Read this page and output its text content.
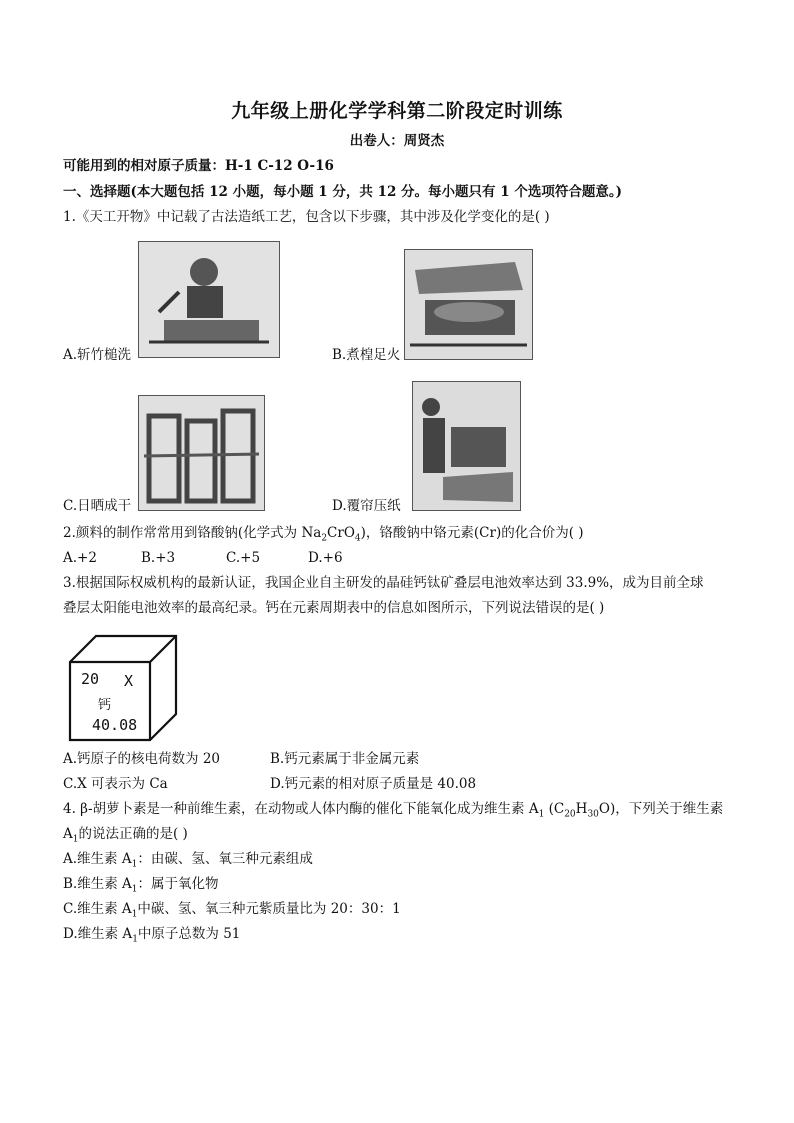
九年级上册化学学科第二阶段定时训练
出卷人：周贤杰
可能用到的相对原子质量：H-1 C-12 O-16
一、选择题(本大题包括 12 小题，每小题 1 分，共 12 分。每小题只有 1 个选项符合题意。)
1.《天工开物》中记载了古法造纸工艺，包含以下步骤，其中涉及化学变化的是( )
A.斩竹槌洗	B.煮楻足火
C.日晒成干	D.覆帘压纸
2.颜料的制作常常用到铬酸钠(化学式为 $Na_2CrO_4$)，铬酸钠中铬元素(Cr)的化合价为( )
A.+2	B.+3	C.+5	D.+6
3.根据国际权威机构的最新认证，我国企业自主研发的晶硅钙钛矿叠层电池效率达到 33.9%，成为目前全球
叠层太阳能电池效率的最高纪录。钙在元素周期表中的信息如图所示，下列说法错误的是( )
20 X
钙
40.08
A.钙原子的核电荷数为 20	B.钙元素属于非金属元素
C.X 可表示为 Ca	D.钙元素的相对原子质量是 40.08
4. β-胡萝卜素是一种前维生素，在动物或人体内酶的催化下能氧化成为维生素 $A_1$ $(C_{20}H_{30}O)$，下列关于维生素
$A_1$的说法正确的是( )
A.维生素 $A_1$：由碳、氢、氧三种元素组成
B.维生素 $A_1$：属于氧化物
C.维生素 $A_1$中碳、氢、氧三种元紫质量比为 20：30：1
D.维生素 $A_1$中原子总数为 51
